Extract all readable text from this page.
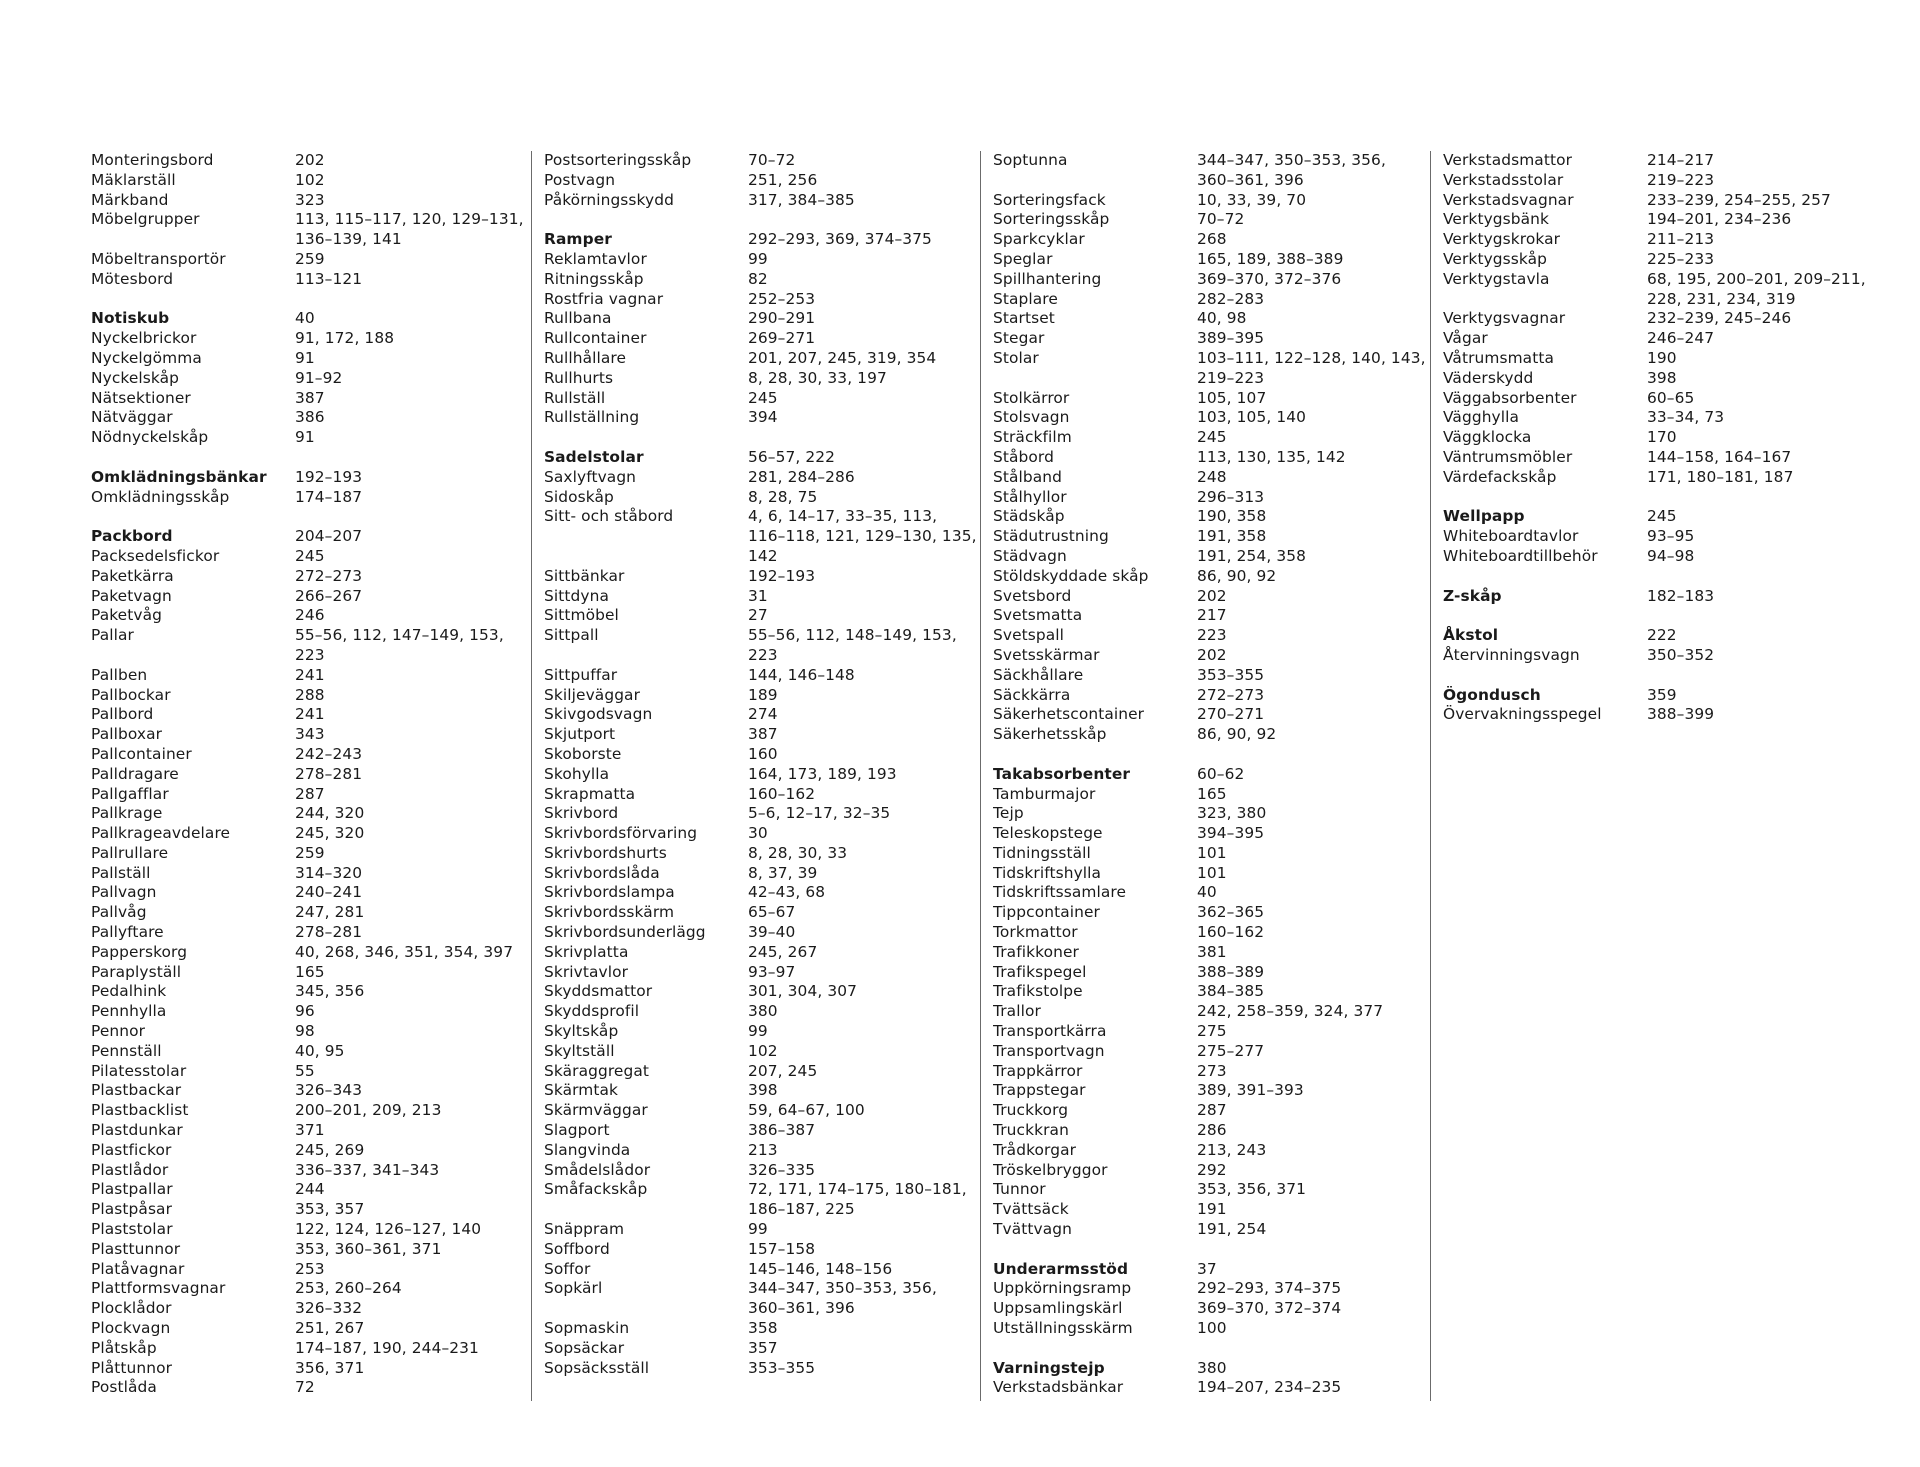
Monteringsbord	202
Mäklarställ	102
Märkband	323
Möbelgrupper	113, 115–117, 120, 129–131,
136–139, 141
Möbeltransportör	259
Mötesbord	113–121
Notiskub	40
Nyckelbrickor	91, 172, 188
Nyckelgömma	91
Nyckelskåp	91–92
Nätsektioner	387
Nätväggar	386
Nödnyckelskåp	91
Omklädningsbänkar	192–193
Omklädningsskåp	174–187
Packbord	204–207
Packsedelsfickor	245
Paketkärra	272–273
Paketvagn	266–267
Paketvåg	246
Pallar	55–56, 112, 147–149, 153,
223
Pallben	241
Pallbockar	288
Pallbord	241
Pallboxar	343
Pallcontainer	242–243
Palldragare	278–281
Pallgafflar	287
Pallkrage	244, 320
Pallkrageavdelare	245, 320
Pallrullare	259
Pallställ	314–320
Pallvagn	240–241
Pallvåg	247, 281
Pallyftare	278–281
Papperskorg	40, 268, 346, 351, 354, 397
Paraplyställ	165
Pedalhink	345, 356
Pennhylla	96
Pennor	98
Pennställ	40, 95
Pilatesstolar	55
Plastbackar	326–343
Plastbacklist	200–201, 209, 213
Plastdunkar	371
Plastfickor	245, 269
Plastlådor	336–337, 341–343
Plastpallar	244
Plastpåsar	353, 357
Plaststolar	122, 124, 126–127, 140
Plasttunnor	353, 360–361, 371
Platåvagnar	253
Plattformsvagnar	253, 260–264
Plocklådor	326–332
Plockvagn	251, 267
Plåtskåp	174–187, 190, 244–231
Plåttunnor	356, 371
Postlåda	72
Postsorteringsskåp	70–72
Postvagn	251, 256
Påkörningsskydd	317, 384–385
Ramper	292–293, 369, 374–375
Reklamtavlor	99
Ritningsskåp	82
Rostfria vagnar	252–253
Rullbana	290–291
Rullcontainer	269–271
Rullhållare	201, 207, 245, 319, 354
Rullhurts	8, 28, 30, 33, 197
Rullställ	245
Rullställning	394
Sadelstolar	56–57, 222
Saxlyftvagn	281, 284–286
Sidoskåp	8, 28, 75
Sitt- och ståbord	4, 6, 14–17, 33–35, 113,
116–118, 121, 129–130, 135,
142
Sittbänkar	192–193
Sittdyna	31
Sittmöbel	27
Sittpall	55–56, 112, 148–149, 153,
223
Sittpuffar	144, 146–148
Skiljeväggar	189
Skivgodsvagn	274
Skjutport	387
Skoborste	160
Skohylla	164, 173, 189, 193
Skrapmatta	160–162
Skrivbord	5–6, 12–17, 32–35
Skrivbordsförvaring	30
Skrivbordshurts	8, 28, 30, 33
Skrivbordslåda	8, 37, 39
Skrivbordslampa	42–43, 68
Skrivbordsskärm	65–67
Skrivbordsunderlägg	39–40
Skrivplatta	245, 267
Skrivtavlor	93–97
Skyddsmattor	301, 304, 307
Skyddsprofil	380
Skyltskåp	99
Skyltställ	102
Skäraggregat	207, 245
Skärmtak	398
Skärmväggar	59, 64–67, 100
Slagport	386–387
Slangvinda	213
Smådelslådor	326–335
Småfackskåp	72, 171, 174–175, 180–181,
186–187, 225
Snäppram	99
Soffbord	157–158
Soffor	145–146, 148–156
Sopkärl	344–347, 350–353, 356,
360–361, 396
Sopmaskin	358
Sopsäckar	357
Sopsäcksställ	353–355
Soptunna	344–347, 350–353, 356,
360–361, 396
Sorteringsfack	10, 33, 39, 70
Sorteringsskåp	70–72
Sparkcyklar	268
Speglar	165, 189, 388–389
Spillhantering	369–370, 372–376
Staplare	282–283
Startset	40, 98
Stegar	389–395
Stolar	103–111, 122–128, 140, 143,
219–223
Stolkärror	105, 107
Stolsvagn	103, 105, 140
Sträckfilm	245
Ståbord	113, 130, 135, 142
Stålband	248
Stålhyllor	296–313
Städskåp	190, 358
Städutrustning	191, 358
Städvagn	191, 254, 358
Stöldskyddade skåp	86, 90, 92
Svetsbord	202
Svetsmatta	217
Svetspall	223
Svetsskärmar	202
Säckhållare	353–355
Säckkärra	272–273
Säkerhetscontainer	270–271
Säkerhetsskåp	86, 90, 92
Takabsorbenter	60–62
Tamburmajor	165
Tejp	323, 380
Teleskopstege	394–395
Tidningsställ	101
Tidskriftshylla	101
Tidskriftssamlare	40
Tippcontainer	362–365
Torkmattor	160–162
Trafikkoner	381
Trafikspegel	388–389
Trafikstolpe	384–385
Trallor	242, 258–359, 324, 377
Transportkärra	275
Transportvagn	275–277
Trappkärror	273
Trappstegar	389, 391–393
Truckkorg	287
Truckkran	286
Trådkorgar	213, 243
Tröskelbryggor	292
Tunnor	353, 356, 371
Tvättsäck	191
Tvättvagn	191, 254
Underarmsstöd	37
Uppkörningsramp	292–293, 374–375
Uppsamlingskärl	369–370, 372–374
Utställningsskärm	100
Varningstejp	380
Verkstadsbänkar	194–207, 234–235
Verkstadsmattor	214–217
Verkstadsstolar	219–223
Verkstadsvagnar	233–239, 254–255, 257
Verktygsbänk	194–201, 234–236
Verktygskrokar	211–213
Verktygsskåp	225–233
Verktygstavla	68, 195, 200–201, 209–211,
228, 231, 234, 319
Verktygsvagnar	232–239, 245–246
Vågar	246–247
Våtrumsmatta	190
Väderskydd	398
Väggabsorbenter	60–65
Vägghylla	33–34, 73
Väggklocka	170
Väntrumsmöbler	144–158, 164–167
Värdefackskåp	171, 180–181, 187
Wellpapp	245
Whiteboardtavlor	93–95
Whiteboardtillbehör	94–98
Z-skåp	182–183
Åkstol	222
Återvinningsvagn	350–352
Ögondusch	359
Övervakningsspegel	388–399
